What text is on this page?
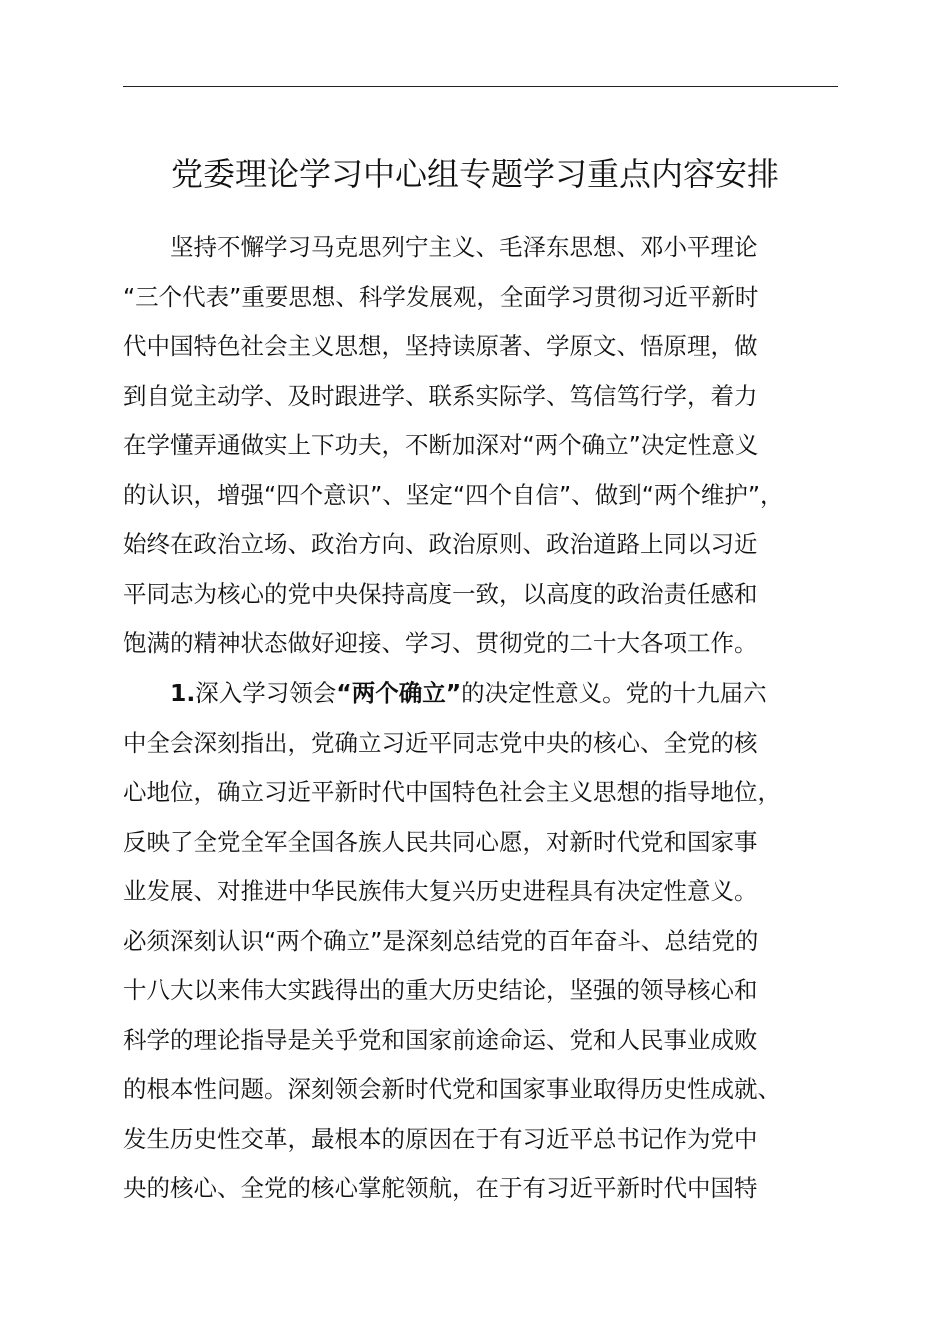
党委理论学习中心组专题学习重点内容安排
坚持不懈学习马克思列宁主义、毛泽东思想、邓小平理论
“三个代表”重要思想、科学发展观，全面学习贯彻习近平新时
代中国特色社会主义思想，坚持读原著、学原文、悟原理，做
到自觉主动学、及时跟进学、联系实际学、笃信笃行学，着力
在学懂弄通做实上下功夫，不断加深对“两个确立”决定性意义
的认识，增强“四个意识”、坚定“四个自信”、做到“两个维护”，
始终在政治立场、政治方向、政治原则、政治道路上同以习近
平同志为核心的党中央保持高度一致，以高度的政治责任感和
饱满的精神状态做好迎接、学习、贯彻党的二十大各项工作。
1.深入学习领会“两个确立”的决定性意义。党的十九届六
中全会深刻指出，党确立习近平同志党中央的核心、全党的核
心地位，确立习近平新时代中国特色社会主义思想的指导地位，
反映了全党全军全国各族人民共同心愿，对新时代党和国家事
业发展、对推进中华民族伟大复兴历史进程具有决定性意义。
必须深刻认识“两个确立”是深刻总结党的百年奋斗、总结党的
十八大以来伟大实践得出的重大历史结论，坚强的领导核心和
科学的理论指导是关乎党和国家前途命运、党和人民事业成败
的根本性问题。深刻领会新时代党和国家事业取得历史性成就、
发生历史性交革，最根本的原因在于有习近平总书记作为党中
央的核心、全党的核心掌舵领航，在于有习近平新时代中国特
